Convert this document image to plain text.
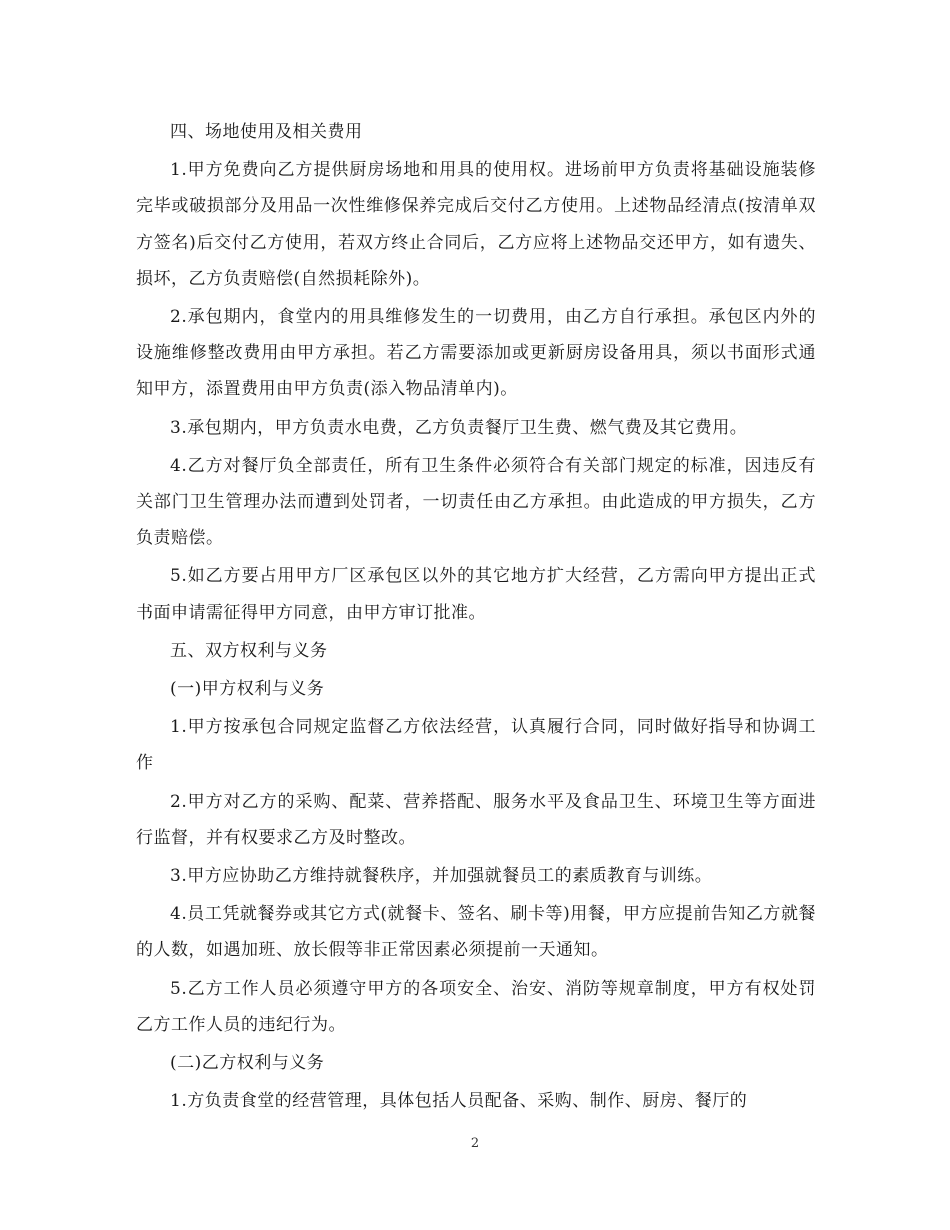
四、场地使用及相关费用

1.甲方免费向乙方提供厨房场地和用具的使用权。进场前甲方负责将基础设施装修完毕或破损部分及用品一次性维修保养完成后交付乙方使用。上述物品经清点(按清单双方签名)后交付乙方使用，若双方终止合同后，乙方应将上述物品交还甲方，如有遗失、损坏，乙方负责赔偿(自然损耗除外)。

2.承包期内，食堂内的用具维修发生的一切费用，由乙方自行承担。承包区内外的设施维修整改费用由甲方承担。若乙方需要添加或更新厨房设备用具，须以书面形式通知甲方，添置费用由甲方负责(添入物品清单内)。

3.承包期内，甲方负责水电费，乙方负责餐厅卫生费、燃气费及其它费用。

4.乙方对餐厅负全部责任，所有卫生条件必须符合有关部门规定的标准，因违反有关部门卫生管理办法而遭到处罚者，一切责任由乙方承担。由此造成的甲方损失，乙方负责赔偿。

5.如乙方要占用甲方厂区承包区以外的其它地方扩大经营，乙方需向甲方提出正式书面申请需征得甲方同意，由甲方审订批准。

五、双方权利与义务

(一)甲方权利与义务

1.甲方按承包合同规定监督乙方依法经营，认真履行合同，同时做好指导和协调工作

2.甲方对乙方的采购、配菜、营养搭配、服务水平及食品卫生、环境卫生等方面进行监督，并有权要求乙方及时整改。

3.甲方应协助乙方维持就餐秩序，并加强就餐员工的素质教育与训练。

4.员工凭就餐券或其它方式(就餐卡、签名、刷卡等)用餐，甲方应提前告知乙方就餐的人数，如遇加班、放长假等非正常因素必须提前一天通知。

5.乙方工作人员必须遵守甲方的各项安全、治安、消防等规章制度，甲方有权处罚乙方工作人员的违纪行为。

(二)乙方权利与义务

1.方负责食堂的经营管理，具体包括人员配备、采购、制作、厨房、餐厅的

2
